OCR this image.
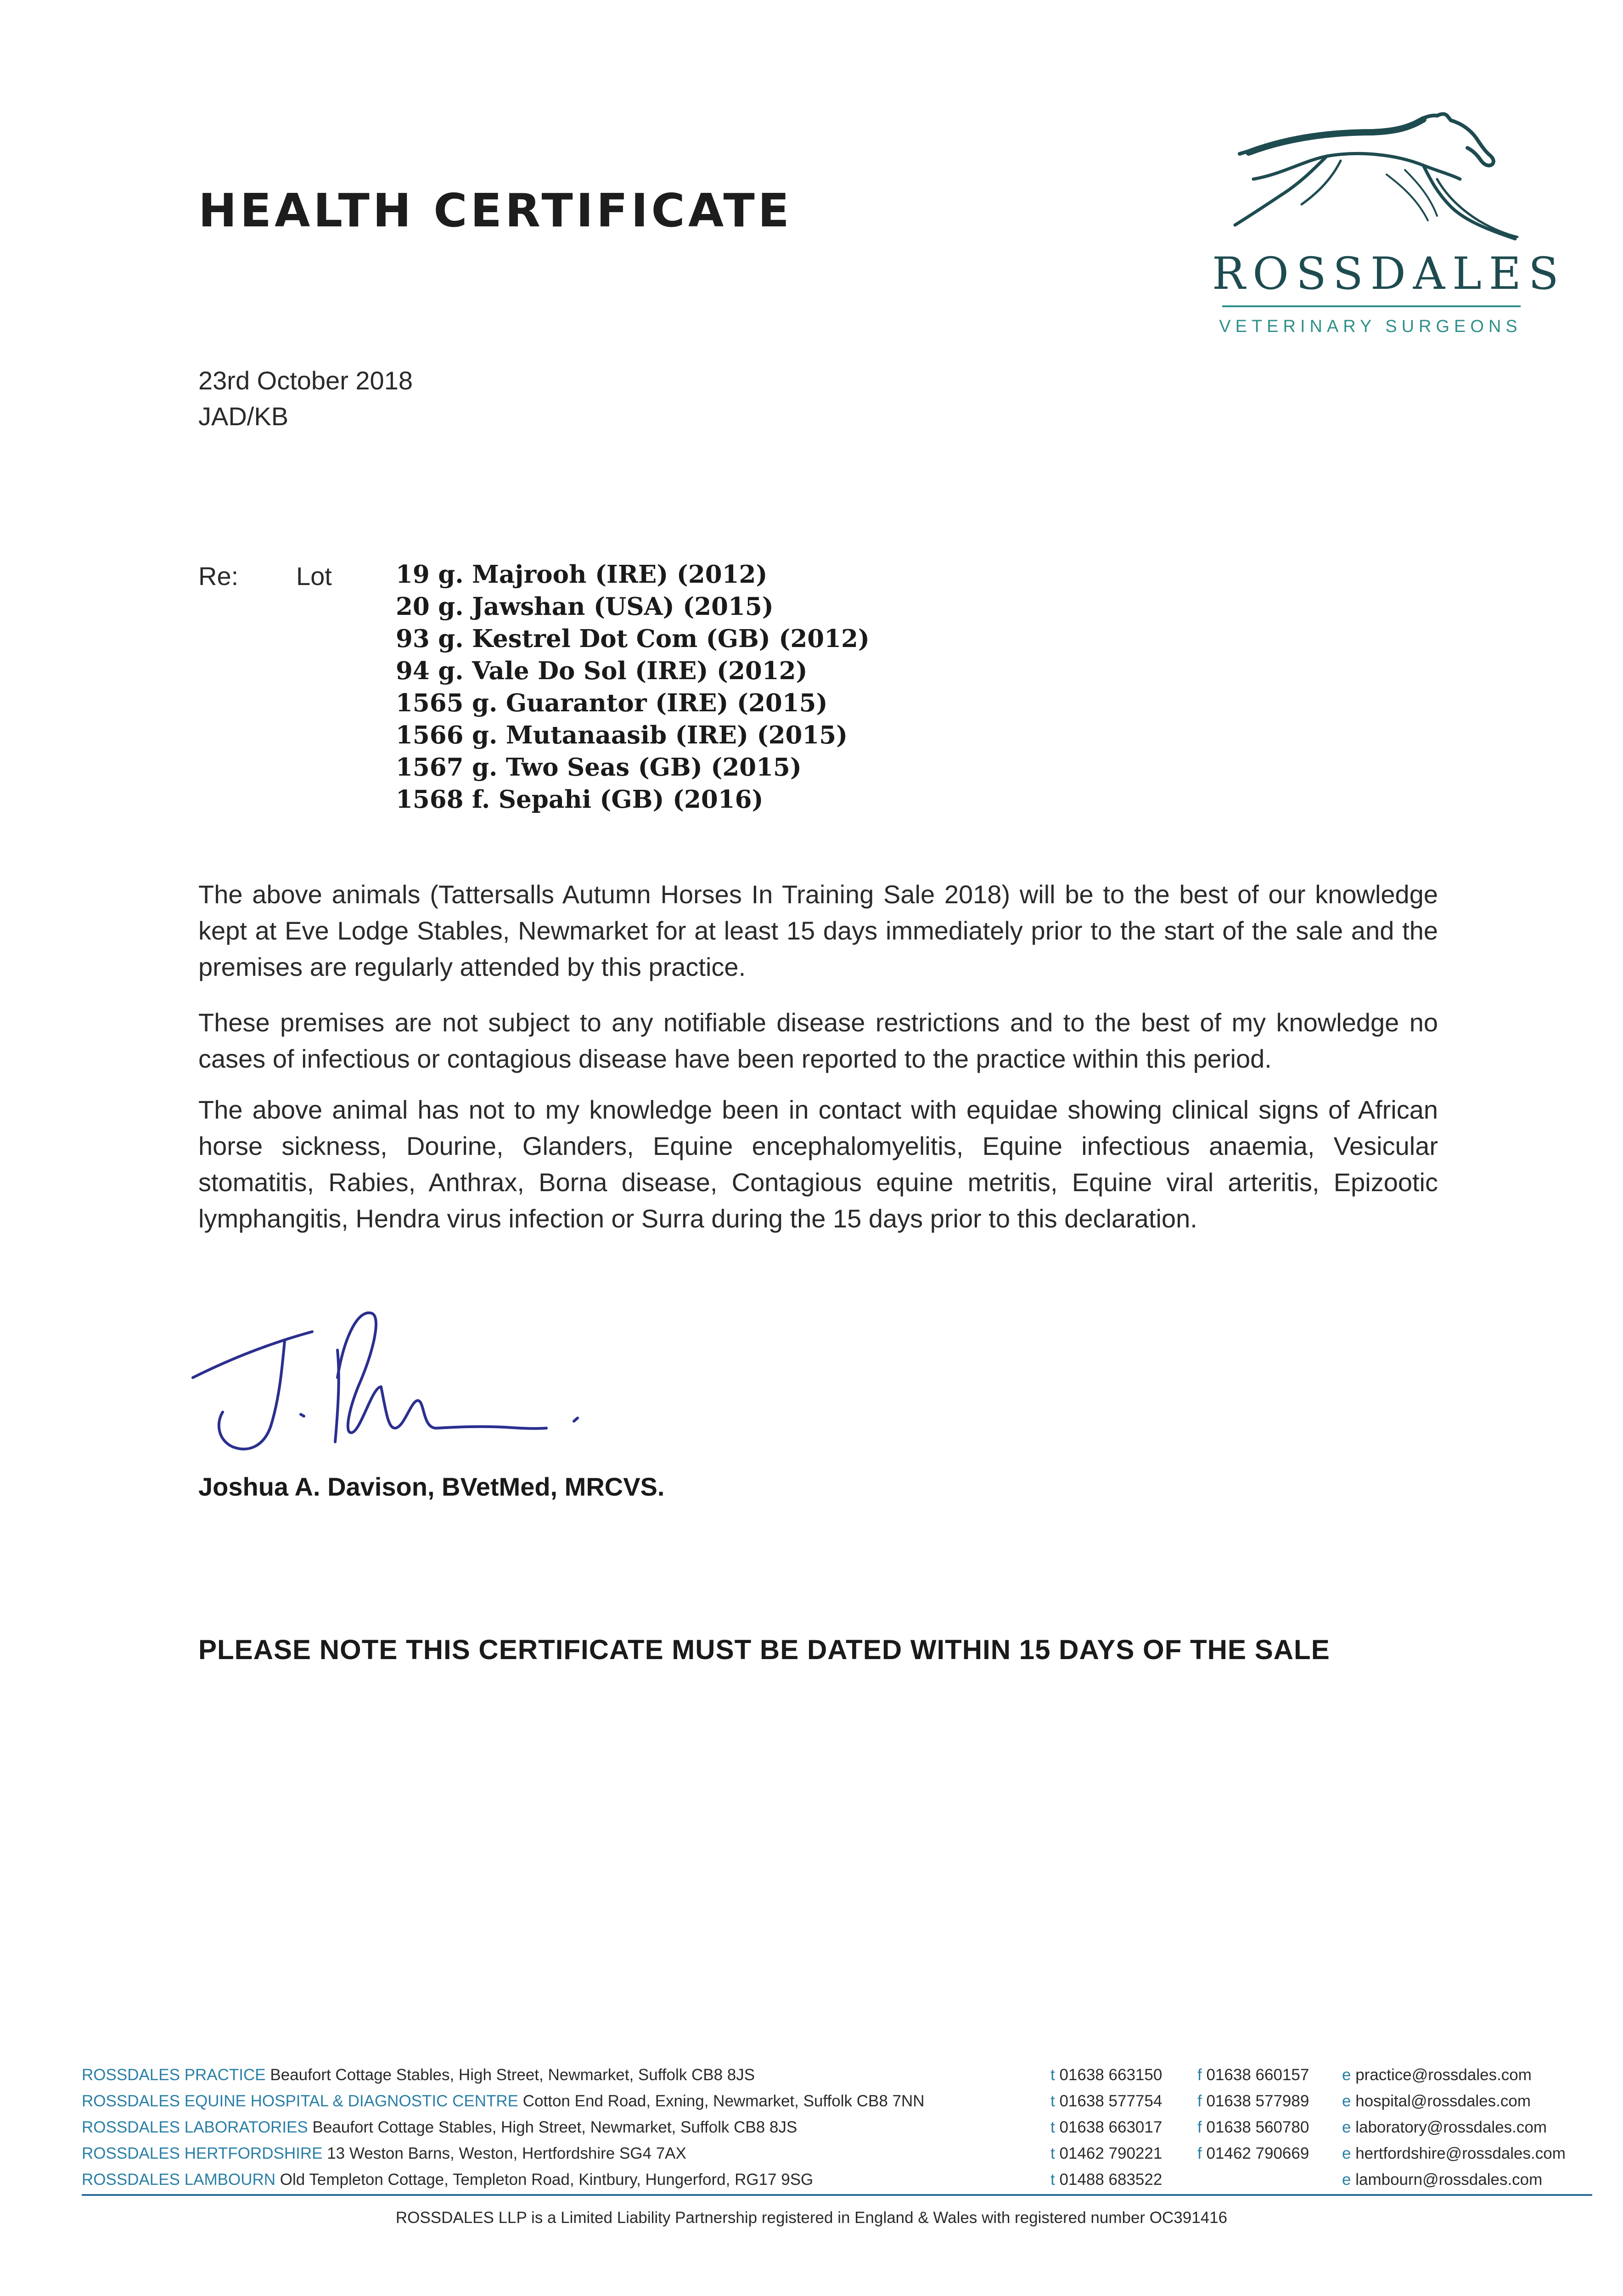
HEALTH CERTIFICATE
ROSSDALES
VETERINARY SURGEONS
23rd October 2018
JAD/KB
Re: Lot	19 g. Majrooh (IRE) (2012)
20 g. Jawshan (USA) (2015)
93 g. Kestrel Dot Com (GB) (2012)
94 g. Vale Do Sol (IRE) (2012)
1565 g. Guarantor (IRE) (2015)
1566 g. Mutanaasib (IRE) (2015)
1567 g. Two Seas (GB) (2015)
1568 f. Sepahi (GB) (2016)
The above animals (Tattersalls Autumn Horses In Training Sale 2018) will be to the best of our knowledge kept at Eve Lodge Stables, Newmarket for at least 15 days immediately prior to the start of the sale and the premises are regularly attended by this practice.
These premises are not subject to any notifiable disease restrictions and to the best of my knowledge no cases of infectious or contagious disease have been reported to the practice within this period.
The above animal has not to my knowledge been in contact with equidae showing clinical signs of African horse sickness, Dourine, Glanders, Equine encephalomyelitis, Equine infectious anaemia, Vesicular stomatitis, Rabies, Anthrax, Borna disease, Contagious equine metritis, Equine viral arteritis, Epizootic lymphangitis, Hendra virus infection or Surra during the 15 days prior to this declaration.
Joshua A. Davison, BVetMed, MRCVS.
PLEASE NOTE THIS CERTIFICATE MUST BE DATED WITHIN 15 DAYS OF THE SALE
ROSSDALES PRACTICE Beaufort Cottage Stables, High Street, Newmarket, Suffolk CB8 8JS	t 01638 663150 f 01638 660157 e practice@rossdales.com
ROSSDALES EQUINE HOSPITAL & DIAGNOSTIC CENTRE Cotton End Road, Exning, Newmarket, Suffolk CB8 7NN	t 01638 577754 f 01638 577989 e hospital@rossdales.com
ROSSDALES LABORATORIES Beaufort Cottage Stables, High Street, Newmarket, Suffolk CB8 8JS	t 01638 663017 f 01638 560780 e laboratory@rossdales.com
ROSSDALES HERTFORDSHIRE 13 Weston Barns, Weston, Hertfordshire SG4 7AX	t 01462 790221 f 01462 790669 e hertfordshire@rossdales.com
ROSSDALES LAMBOURN Old Templeton Cottage, Templeton Road, Kintbury, Hungerford, RG17 9SG	t 01488 683522	e lambourn@rossdales.com
ROSSDALES LLP is a Limited Liability Partnership registered in England & Wales with registered number OC391416
